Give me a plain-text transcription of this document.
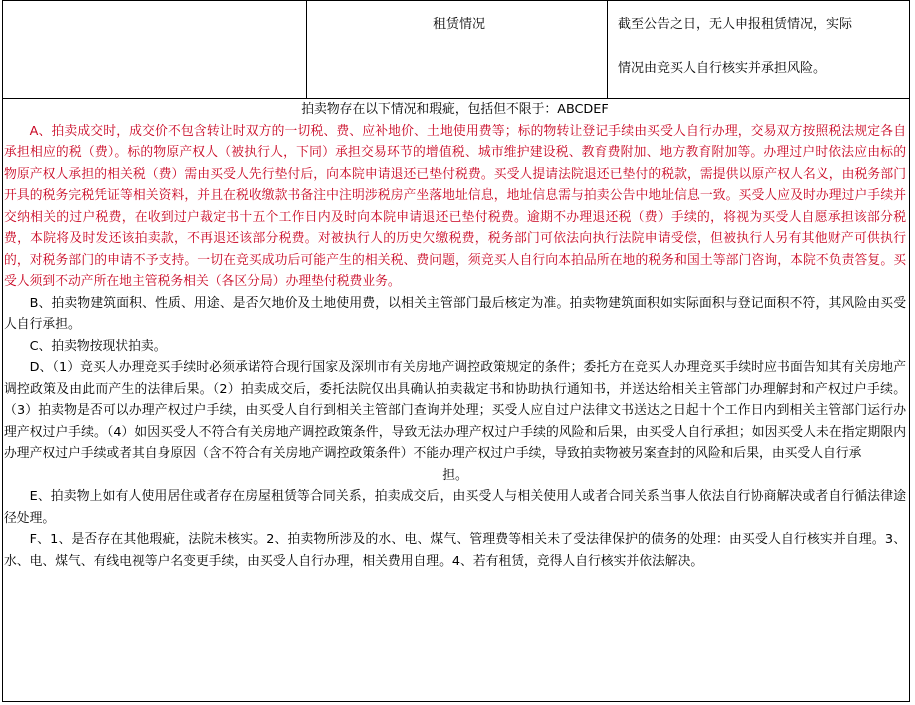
租赁情况	截至公告之日，无人申报租赁情况，实际
情况由竞买人自行核实并承担风险。

拍卖物存在以下情况和瑕疵，包括但不限于：ABCDEF

A、拍卖成交时，成交价不包含转让时双方的一切税、费、应补地价、土地使用费等；标的物转让登记手续由买受人自行办理，交易双方按照税法规定各自承担相应的税（费）。标的物原产权人（被执行人，下同）承担交易环节的增值税、城市维护建设税、教育费附加、地方教育附加等。办理过户时依法应由标的物原产权人承担的相关税（费）需由买受人先行垫付后，向本院申请退还已垫付税费。买受人提请法院退还已垫付的税款，需提供以原产权人名义，由税务部门开具的税务完税凭证等相关资料，并且在税收缴款书备注中注明涉税房产坐落地址信息，地址信息需与拍卖公告中地址信息一致。买受人应及时办理过户手续并交纳相关的过户税费，在收到过户裁定书十五个工作日内及时向本院申请退还已垫付税费。逾期不办理退还税（费）手续的，将视为买受人自愿承担该部分税费，本院将及时发还该拍卖款，不再退还该部分税费。对被执行人的历史欠缴税费，税务部门可依法向执行法院申请受偿，但被执行人另有其他财产可供执行的，对税务部门的申请不予支持。一切在竞买成功后可能产生的相关税、费问题，须竞买人自行向本拍品所在地的税务和国土等部门咨询，本院不负责答复。买受人须到不动产所在地主管税务相关（各区分局）办理垫付税费业务。

B、拍卖物建筑面积、性质、用途、是否欠地价及土地使用费，以相关主管部门最后核定为准。拍卖物建筑面积如实际面积与登记面积不符，其风险由买受人自行承担。

C、拍卖物按现状拍卖。

D、（1）竞买人办理竞买手续时必须承诺符合现行国家及深圳市有关房地产调控政策规定的条件；委托方在竞买人办理竞买手续时应书面告知其有关房地产调控政策及由此而产生的法律后果。（2）拍卖成交后，委托法院仅出具确认拍卖裁定书和协助执行通知书，并送达给相关主管部门办理解封和产权过户手续。（3）拍卖物是否可以办理产权过户手续，由买受人自行到相关主管部门查询并处理；买受人应自过户法律文书送达之日起十个工作日内到相关主管部门运行办理产权过户手续。（4）如因买受人不符合有关房地产调控政策条件，导致无法办理产权过户手续的风险和后果，由买受人自行承担；如因买受人未在指定期限内办理产权过户手续或者其自身原因（含不符合有关房地产调控政策条件）不能办理产权过户手续，导致拍卖物被另案查封的风险和后果，由买受人自行承
担。

E、拍卖物上如有人使用居住或者存在房屋租赁等合同关系，拍卖成交后，由买受人与相关使用人或者合同关系当事人依法自行协商解决或者自行循法律途径处理。

F、1、是否存在其他瑕疵，法院未核实。2、拍卖物所涉及的水、电、煤气、管理费等相关未了受法律保护的债务的处理：由买受人自行核实并自理。3、水、电、煤气、有线电视等户名变更手续，由买受人自行办理，相关费用自理。4、若有租赁，竞得人自行核实并依法解决。
